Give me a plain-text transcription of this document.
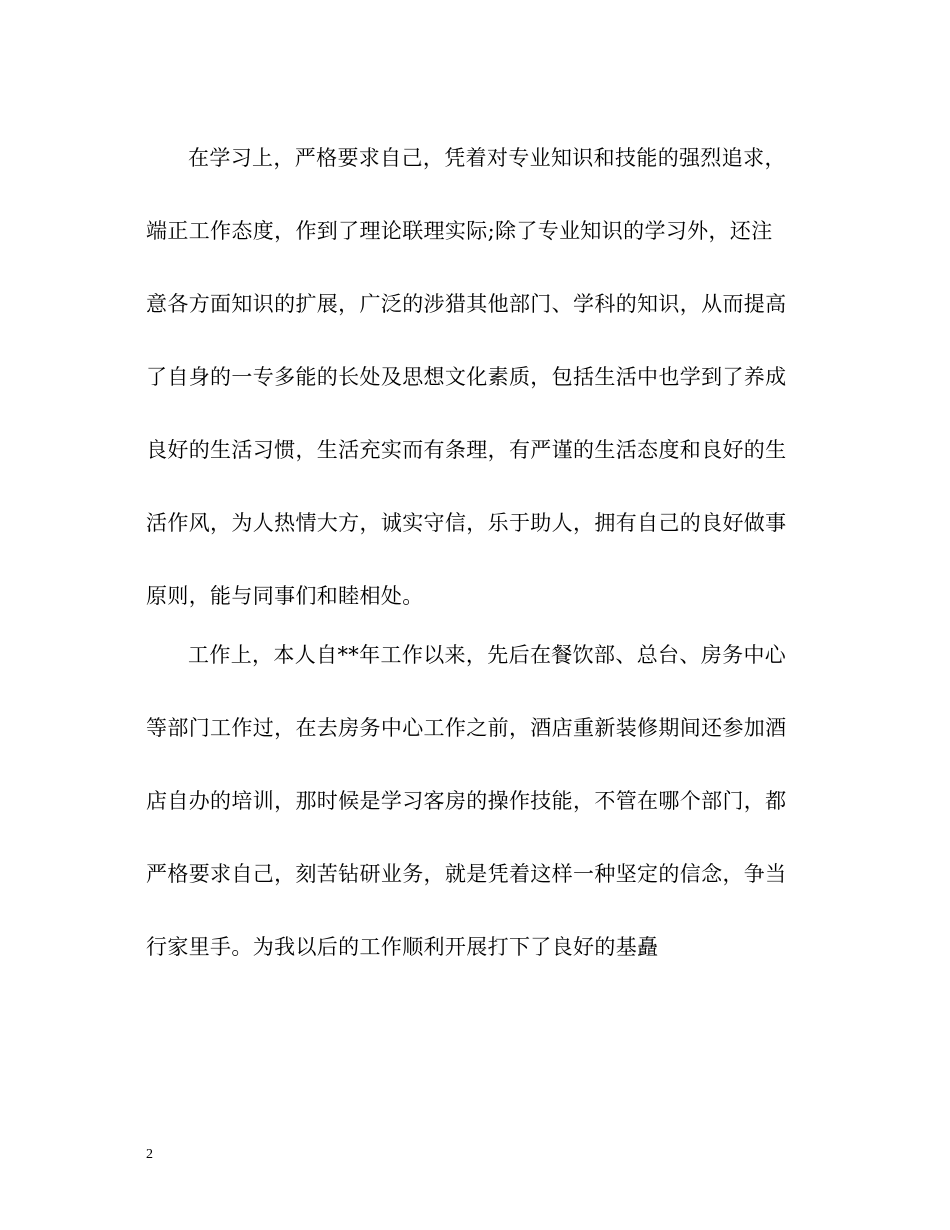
在学习上，严格要求自己，凭着对专业知识和技能的强烈追求，
端正工作态度，作到了理论联理实际;除了专业知识的学习外，还注
意各方面知识的扩展，广泛的涉猎其他部门、学科的知识，从而提高
了自身的一专多能的长处及思想文化素质，包括生活中也学到了养成
良好的生活习惯，生活充实而有条理，有严谨的生活态度和良好的生
活作风，为人热情大方，诚实守信，乐于助人，拥有自己的良好做事
原则，能与同事们和睦相处。
工作上，本人自**年工作以来，先后在餐饮部、总台、房务中心
等部门工作过，在去房务中心工作之前，酒店重新装修期间还参加酒
店自办的培训，那时候是学习客房的操作技能，不管在哪个部门，都
严格要求自己，刻苦钻研业务，就是凭着这样一种坚定的信念，争当
行家里手。为我以后的工作顺利开展打下了良好的基矗
2
